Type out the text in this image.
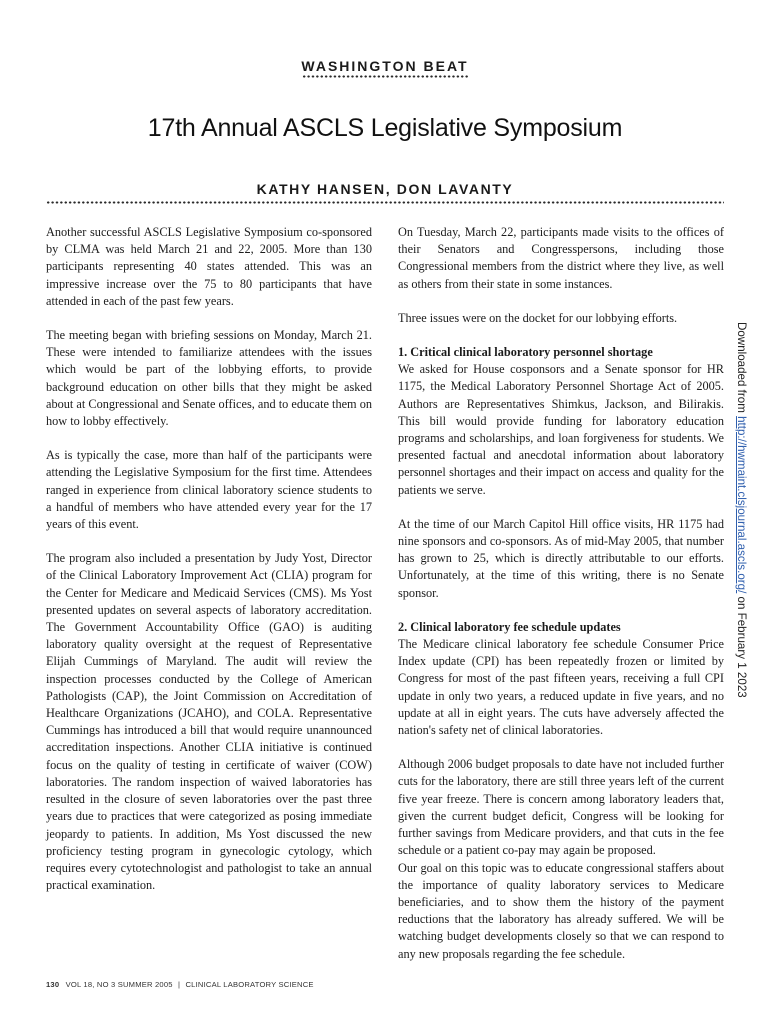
WASHINGTON BEAT
17th Annual ASCLS Legislative Symposium
KATHY HANSEN, DON LAVANTY

Another successful ASCLS Legislative Symposium co-sponsored by CLMA was held March 21 and 22, 2005. More than 130 participants representing 40 states attended. This was an impressive increase over the 75 to 80 participants that have attended in each of the past few years.

The meeting began with briefing sessions on Monday, March 21. These were intended to familiarize attendees with the issues which would be part of the lobbying efforts, to provide background education on other bills that they might be asked about at Congressional and Senate offices, and to educate them on how to lobby effectively.

As is typically the case, more than half of the participants were attending the Legislative Symposium for the first time. Attendees ranged in experience from clinical laboratory science students to a handful of members who have attended every year for the 17 years of this event.

The program also included a presentation by Judy Yost, Director of the Clinical Laboratory Improvement Act (CLIA) program for the Center for Medicare and Medicaid Services (CMS). Ms Yost presented updates on several aspects of laboratory accreditation. The Government Accountability Office (GAO) is auditing laboratory quality oversight at the request of Representative Elijah Cummings of Maryland. The audit will review the inspection processes conducted by the College of American Pathologists (CAP), the Joint Commission on Accreditation of Healthcare Organizations (JCAHO), and COLA. Representative Cummings has introduced a bill that would require unannounced accreditation inspections. Another CLIA initiative is continued focus on the quality of testing in certificate of waiver (COW) laboratories. The random inspection of waived laboratories has resulted in the closure of seven laboratories over the past three years due to practices that were categorized as posing immediate jeopardy to patients. In addition, Ms Yost discussed the new proficiency testing program in gynecologic cytology, which requires every cytotechnologist and pathologist to take an annual practical examination.

On Tuesday, March 22, participants made visits to the offices of their Senators and Congresspersons, including those Congressional members from the district where they live, as well as others from their state in some instances.

Three issues were on the docket for our lobbying efforts.

1. Critical clinical laboratory personnel shortage

We asked for House cosponsors and a Senate sponsor for HR 1175, the Medical Laboratory Personnel Shortage Act of 2005. Authors are Representatives Shimkus, Jackson, and Bilirakis. This bill would provide funding for laboratory education programs and scholarships, and loan forgiveness for students. We presented factual and anecdotal information about laboratory personnel shortages and their impact on access and quality for the patients we serve.

At the time of our March Capitol Hill office visits, HR 1175 had nine sponsors and co-sponsors. As of mid-May 2005, that number has grown to 25, which is directly attributable to our efforts. Unfortunately, at the time of this writing, there is no Senate sponsor.

2. Clinical laboratory fee schedule updates

The Medicare clinical laboratory fee schedule Consumer Price Index update (CPI) has been repeatedly frozen or limited by Congress for most of the past fifteen years, receiving a full CPI update in only two years, a reduced update in five years, and no update at all in eight years. The cuts have adversely affected the nation's safety net of clinical laboratories.

Although 2006 budget proposals to date have not included further cuts for the laboratory, there are still three years left of the current five year freeze. There is concern among laboratory leaders that, given the current budget deficit, Congress will be looking for further savings from Medicare providers, and that cuts in the fee schedule or a patient co-pay may again be proposed.

Our goal on this topic was to educate congressional staffers about the importance of quality laboratory services to Medicare beneficiaries, and to show them the history of the payment reductions that the laboratory has already suffered. We will be watching budget developments closely so that we can respond to any new proposals regarding the fee schedule.

Downloaded from http://hwmaint.clsjournal.ascls.org/ on February 1 2023
130 VOL 18, NO 3 SUMMER 2005 | CLINICAL LABORATORY SCIENCE
